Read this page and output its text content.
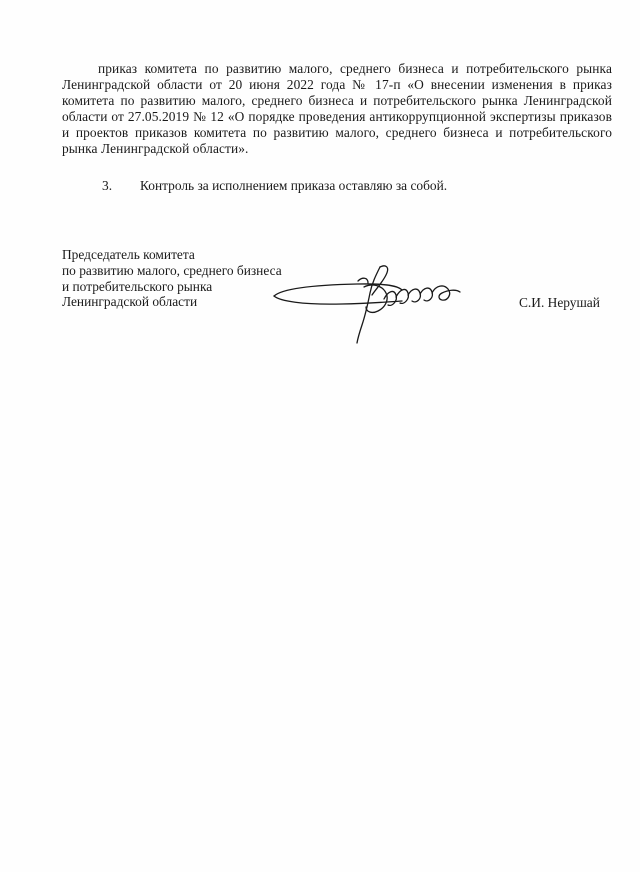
приказ комитета по развитию малого, среднего бизнеса и потребительского рынка Ленинградской области от 20 июня 2022 года № 17-п «О внесении изменения в приказ комитета по развитию малого, среднего бизнеса и потребительского рынка Ленинградской области от 27.05.2019 № 12 «О порядке проведения антикоррупционной экспертизы приказов и проектов приказов комитета по развитию малого, среднего бизнеса и потребительского рынка Ленинградской области».

3. Контроль за исполнением приказа оставляю за собой.
Председатель комитета
по развитию малого, среднего бизнеса
и потребительского рынка
Ленинградской области	С.И. Нерушай
